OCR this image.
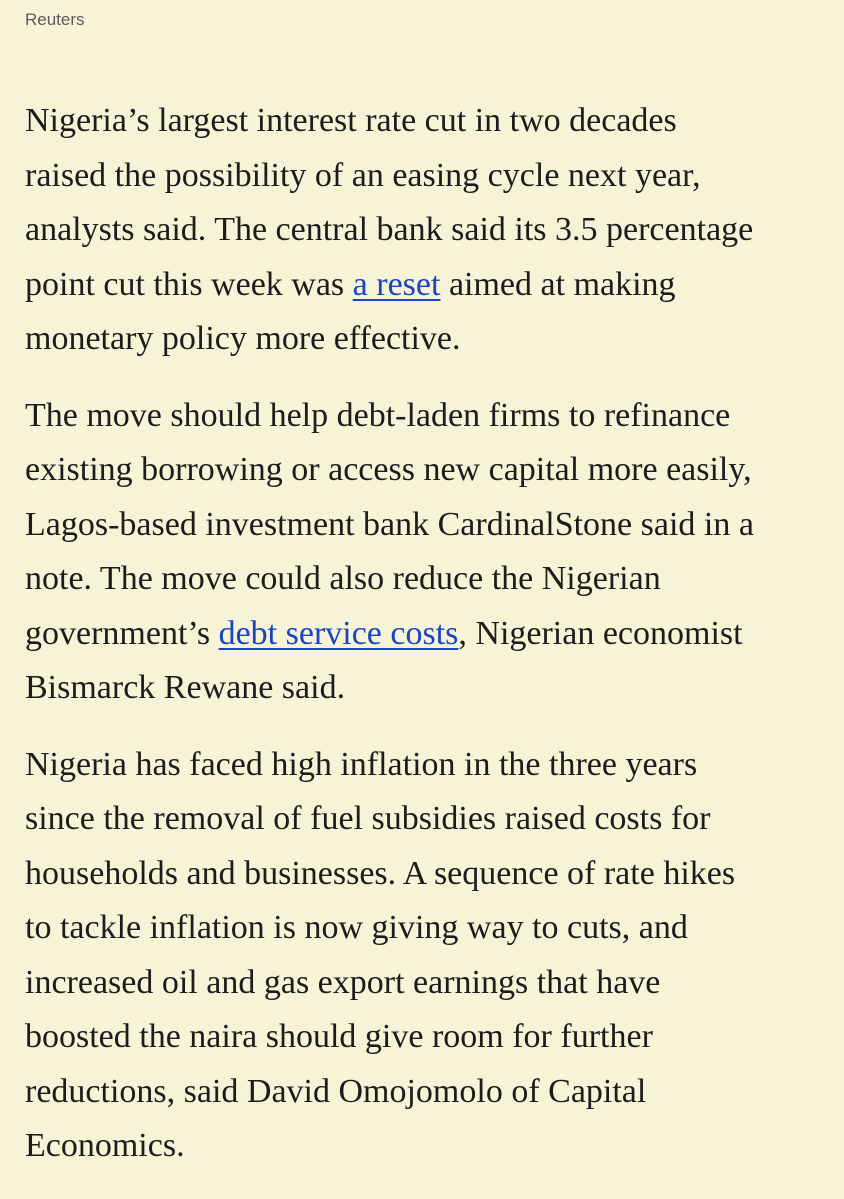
Reuters

Nigeria’s largest interest rate cut in two decades
raised the possibility of an easing cycle next year,
analysts said. The central bank said its 3.5 percentage
point cut this week was a reset aimed at making
monetary policy more effective.

The move should help debt-laden firms to refinance
existing borrowing or access new capital more easily,
Lagos-based investment bank CardinalStone said in a
note. The move could also reduce the Nigerian
government’s debt service costs, Nigerian economist
Bismarck Rewane said.

Nigeria has faced high inflation in the three years
since the removal of fuel subsidies raised costs for
households and businesses. A sequence of rate hikes
to tackle inflation is now giving way to cuts, and
increased oil and gas export earnings that have
boosted the naira should give room for further
reductions, said David Omojomolo of Capital
Economics.
